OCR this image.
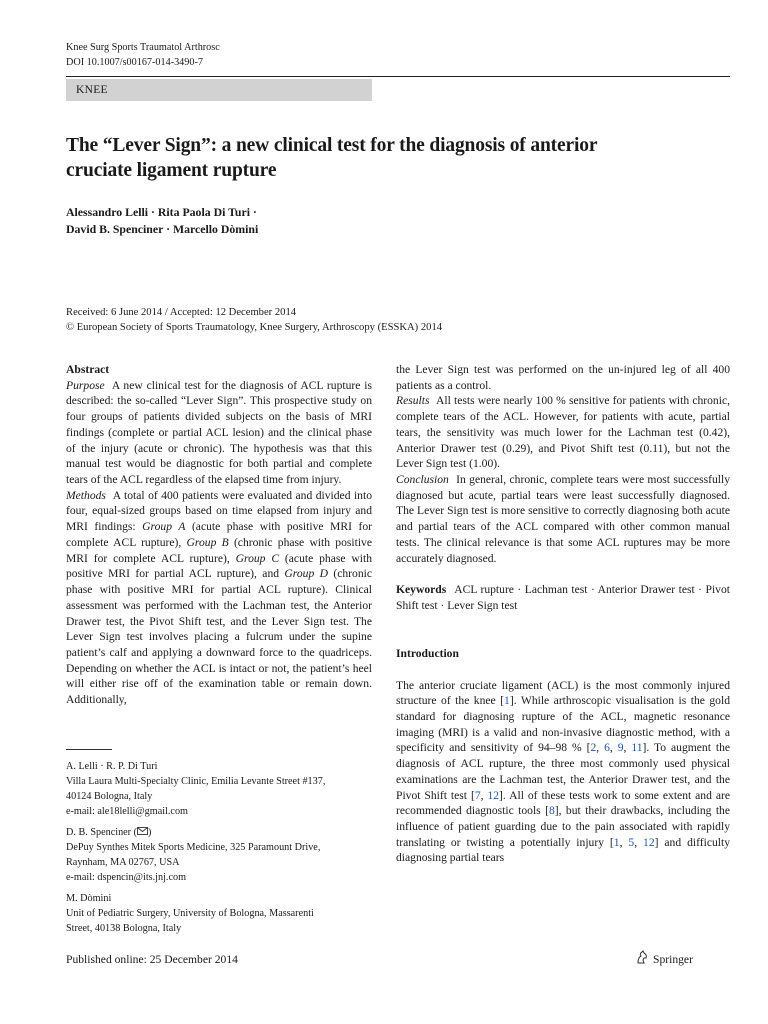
Knee Surg Sports Traumatol Arthrosc
DOI 10.1007/s00167-014-3490-7
KNEE
The “Lever Sign”: a new clinical test for the diagnosis of anterior
cruciate ligament rupture
Alessandro Lelli · Rita Paola Di Turi ·
David B. Spenciner · Marcello Dòmini
Received: 6 June 2014 / Accepted: 12 December 2014
© European Society of Sports Traumatology, Knee Surgery, Arthroscopy (ESSKA) 2014

Abstract

Purpose A new clinical test for the diagnosis of ACL rupture is described: the so-called “Lever Sign”. This prospective study on four groups of patients divided subjects on the basis of MRI findings (complete or partial ACL lesion) and the clinical phase of the injury (acute or chronic). The hypothesis was that this manual test would be diagnostic for both partial and complete tears of the ACL regardless of the elapsed time from injury.

Methods A total of 400 patients were evaluated and divided into four, equal-sized groups based on time elapsed from injury and MRI findings: Group A (acute phase with positive MRI for complete ACL rupture), Group B (chronic phase with positive MRI for complete ACL rupture), Group C (acute phase with positive MRI for partial ACL rupture), and Group D (chronic phase with positive MRI for partial ACL rupture). Clinical assessment was performed with the Lachman test, the Anterior Drawer test, the Pivot Shift test, and the Lever Sign test. The Lever Sign test involves placing a fulcrum under the supine patient’s calf and applying a downward force to the quadriceps. Depending on whether the ACL is intact or not, the patient’s heel will either rise off of the examination table or remain down. Additionally,

A. Lelli · R. P. Di Turi
Villa Laura Multi-Specialty Clinic, Emilia Levante Street #137,
40124 Bologna, Italy
e-mail: ale18lelli@gmail.com
D. B. Spenciner ( )
DePuy Synthes Mitek Sports Medicine, 325 Paramount Drive,
Raynham, MA 02767, USA
e-mail: dspencin@its.jnj.com
M. Dòmini
Unit of Pediatric Surgery, University of Bologna, Massarenti
Street, 40138 Bologna, Italy

the Lever Sign test was performed on the un-injured leg of all 400 patients as a control.

Results All tests were nearly 100 % sensitive for patients with chronic, complete tears of the ACL. However, for patients with acute, partial tears, the sensitivity was much lower for the Lachman test (0.42), Anterior Drawer test (0.29), and Pivot Shift test (0.11), but not the Lever Sign test (1.00).

Conclusion In general, chronic, complete tears were most successfully diagnosed but acute, partial tears were least successfully diagnosed. The Lever Sign test is more sensitive to correctly diagnosing both acute and partial tears of the ACL compared with other common manual tests. The clinical relevance is that some ACL ruptures may be more accurately diagnosed.

Keywords ACL rupture · Lachman test · Anterior Drawer test · Pivot Shift test · Lever Sign test

Introduction

The anterior cruciate ligament (ACL) is the most commonly injured structure of the knee [1]. While arthroscopic visualisation is the gold standard for diagnosing rupture of the ACL, magnetic resonance imaging (MRI) is a valid and non-invasive diagnostic method, with a specificity and sensitivity of 94–98 % [2, 6, 9, 11]. To augment the diagnosis of ACL rupture, the three most commonly used physical examinations are the Lachman test, the Anterior Drawer test, and the Pivot Shift test [7, 12]. All of these tests work to some extent and are recommended diagnostic tools [8], but their drawbacks, including the influence of patient guarding due to the pain associated with rapidly translating or twisting a potentially injury [1, 5, 12] and difficulty diagnosing partial tears

Published online: 25 December 2014	Springer
